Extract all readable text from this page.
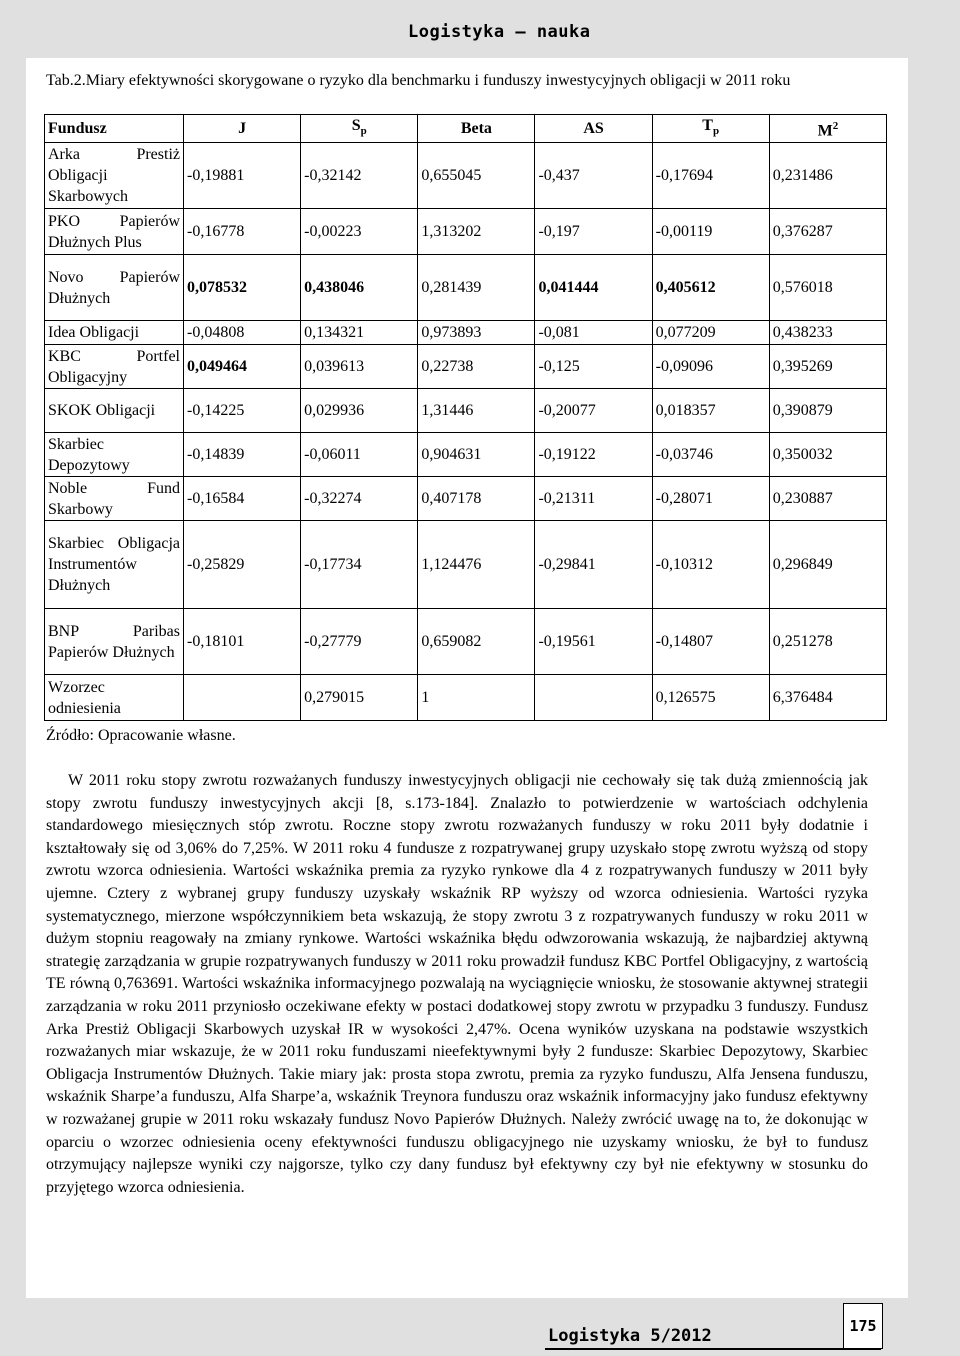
Logistyka — nauka
Tab.2.Miary efektywności skorygowane o ryzyko dla benchmarku i funduszy inwestycyjnych obligacji w 2011 roku
Fundusz	J	$S_p$	Beta	AS	$T_p$	$M^2$
Arka Prestiż Obligacji Skarbowych	-0,19881	-0,32142	0,655045	-0,437	-0,17694	0,231486
PKO Papierów Dłużnych Plus	-0,16778	-0,00223	1,313202	-0,197	-0,00119	0,376287
Novo Papierów Dłużnych	0,078532	0,438046	0,281439	0,041444	0,405612	0,576018
Idea Obligacji	-0,04808	0,134321	0,973893	-0,081	0,077209	0,438233
KBC Portfel Obligacyjny	0,049464	0,039613	0,22738	-0,125	-0,09096	0,395269
SKOK Obligacji	-0,14225	0,029936	1,31446	-0,20077	0,018357	0,390879
Skarbiec Depozytowy	-0,14839	-0,06011	0,904631	-0,19122	-0,03746	0,350032
Noble Fund Skarbowy	-0,16584	-0,32274	0,407178	-0,21311	-0,28071	0,230887
Skarbiec Obligacja Instrumentów Dłużnych	-0,25829	-0,17734	1,124476	-0,29841	-0,10312	0,296849
BNP Paribas Papierów Dłużnych	-0,18101	-0,27779	0,659082	-0,19561	-0,14807	0,251278
Wzorzec odniesienia		0,279015	1		0,126575	6,376484
Źródło: Opracowanie własne.

W 2011 roku stopy zwrotu rozważanych funduszy inwestycyjnych obligacji nie cechowały się tak dużą zmiennością jak stopy zwrotu funduszy inwestycyjnych akcji [8, s.173-184]. Znalazło to potwierdzenie w wartościach odchylenia standardowego miesięcznych stóp zwrotu. Roczne stopy zwrotu rozważanych funduszy w roku 2011 były dodatnie i kształtowały się od 3,06% do 7,25%. W 2011 roku 4 fundusze z rozpatrywanej grupy uzyskało stopę zwrotu wyższą od stopy zwrotu wzorca odniesienia. Wartości wskaźnika premia za ryzyko rynkowe dla 4 z rozpatrywanych funduszy w 2011 były ujemne. Cztery z wybranej grupy funduszy uzyskały wskaźnik RP wyższy od wzorca odniesienia. Wartości ryzyka systematycznego, mierzone współczynnikiem beta wskazują, że stopy zwrotu 3 z rozpatrywanych funduszy w roku 2011 w dużym stopniu reagowały na zmiany rynkowe. Wartości wskaźnika błędu odwzorowania wskazują, że najbardziej aktywną strategię zarządzania w grupie rozpatrywanych funduszy w 2011 roku prowadził fundusz KBC Portfel Obligacyjny, z wartością TE równą 0,763691. Wartości wskaźnika informacyjnego pozwalają na wyciągnięcie wniosku, że stosowanie aktywnej strategii zarządzania w roku 2011 przyniosło oczekiwane efekty w postaci dodatkowej stopy zwrotu w przypadku 3 funduszy. Fundusz Arka Prestiż Obligacji Skarbowych uzyskał IR w wysokości 2,47%. Ocena wyników uzyskana na podstawie wszystkich rozważanych miar wskazuje, że w 2011 roku funduszami nieefektywnymi były 2 fundusze: Skarbiec Depozytowy, Skarbiec Obligacja Instrumentów Dłużnych. Takie miary jak: prosta stopa zwrotu, premia za ryzyko funduszu, Alfa Jensena funduszu, wskaźnik Sharpe’a funduszu, Alfa Sharpe’a, wskaźnik Treynora funduszu oraz wskaźnik informacyjny jako fundusz efektywny w rozważanej grupie w 2011 roku wskazały fundusz Novo Papierów Dłużnych. Należy zwrócić uwagę na to, że dokonując w oparciu o wzorzec odniesienia oceny efektywności funduszu obligacyjnego nie uzyskamy wniosku, że był to fundusz otrzymujący najlepsze wyniki czy najgorsze, tylko czy dany fundusz był efektywny czy był nie efektywny w stosunku do przyjętego wzorca odniesienia.

Logistyka 5/2012	175
